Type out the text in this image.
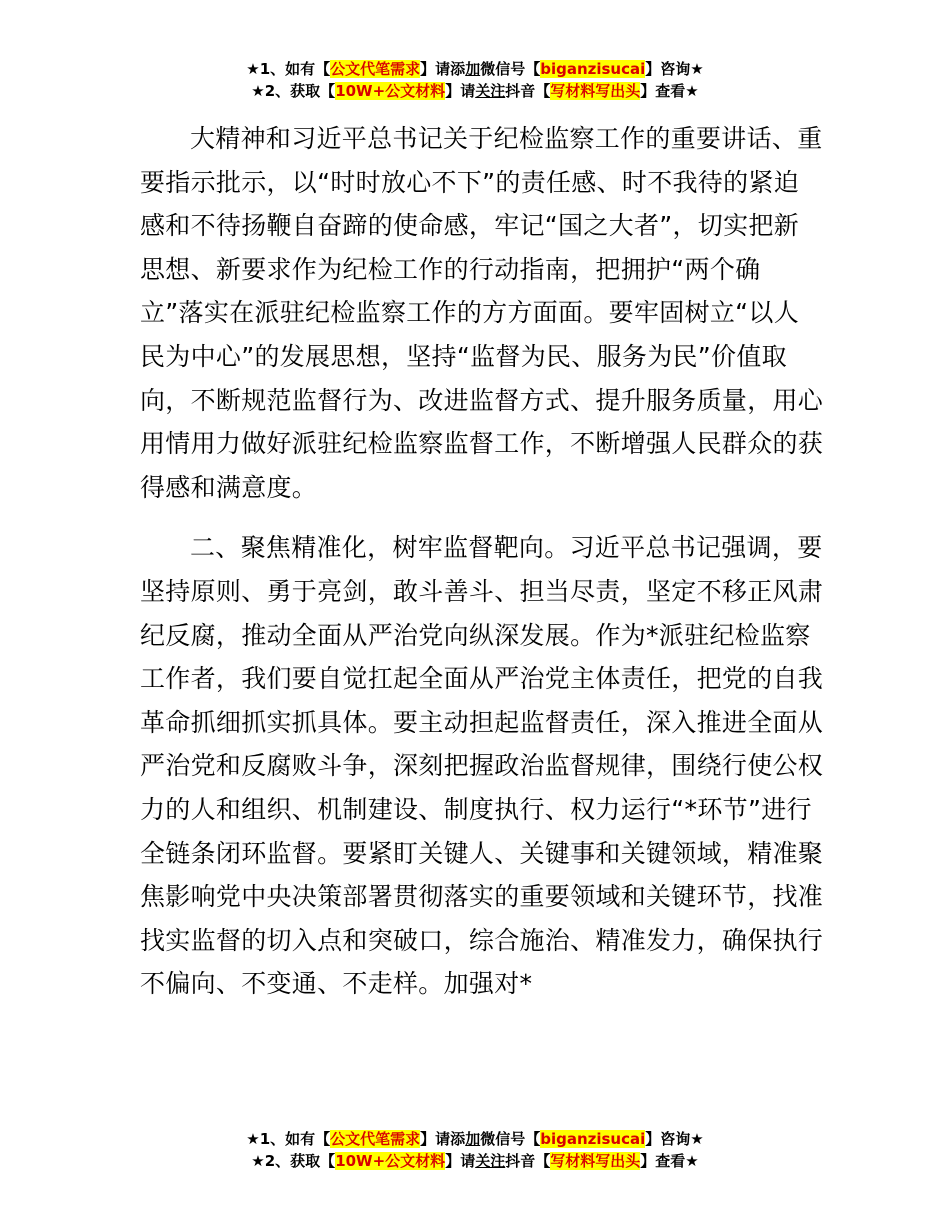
★1、如有【公文代笔需求】请添加微信号【biganzisucai】咨询★
★2、获取【10W+公文材料】请关注抖音【写材料写出头】查看★

大精神和习近平总书记关于纪检监察工作的重要讲话、重
要指示批示，以“时时放心不下”的责任感、时不我待的紧迫
感和不待扬鞭自奋蹄的使命感，牢记“国之大者”，切实把新
思想、新要求作为纪检工作的行动指南，把拥护“两个确
立”落实在派驻纪检监察工作的方方面面。要牢固树立“以人
民为中心”的发展思想，坚持“监督为民、服务为民”价值取
向，不断规范监督行为、改进监督方式、提升服务质量，用心
用情用力做好派驻纪检监察监督工作，不断增强人民群众的获
得感和满意度。

二、聚焦精准化，树牢监督靶向。习近平总书记强调，要
坚持原则、勇于亮剑，敢斗善斗、担当尽责，坚定不移正风肃
纪反腐，推动全面从严治党向纵深发展。作为*派驻纪检监察
工作者，我们要自觉扛起全面从严治党主体责任，把党的自我
革命抓细抓实抓具体。要主动担起监督责任，深入推进全面从
严治党和反腐败斗争，深刻把握政治监督规律，围绕行使公权
力的人和组织、机制建设、制度执行、权力运行“*环节”进行
全链条闭环监督。要紧盯关键人、关键事和关键领域，精准聚
焦影响党中央决策部署贯彻落实的重要领域和关键环节，找准
找实监督的切入点和突破口，综合施治、精准发力，确保执行
不偏向、不变通、不走样。加强对*

★1、如有【公文代笔需求】请添加微信号【biganzisucai】咨询★
★2、获取【10W+公文材料】请关注抖音【写材料写出头】查看★
